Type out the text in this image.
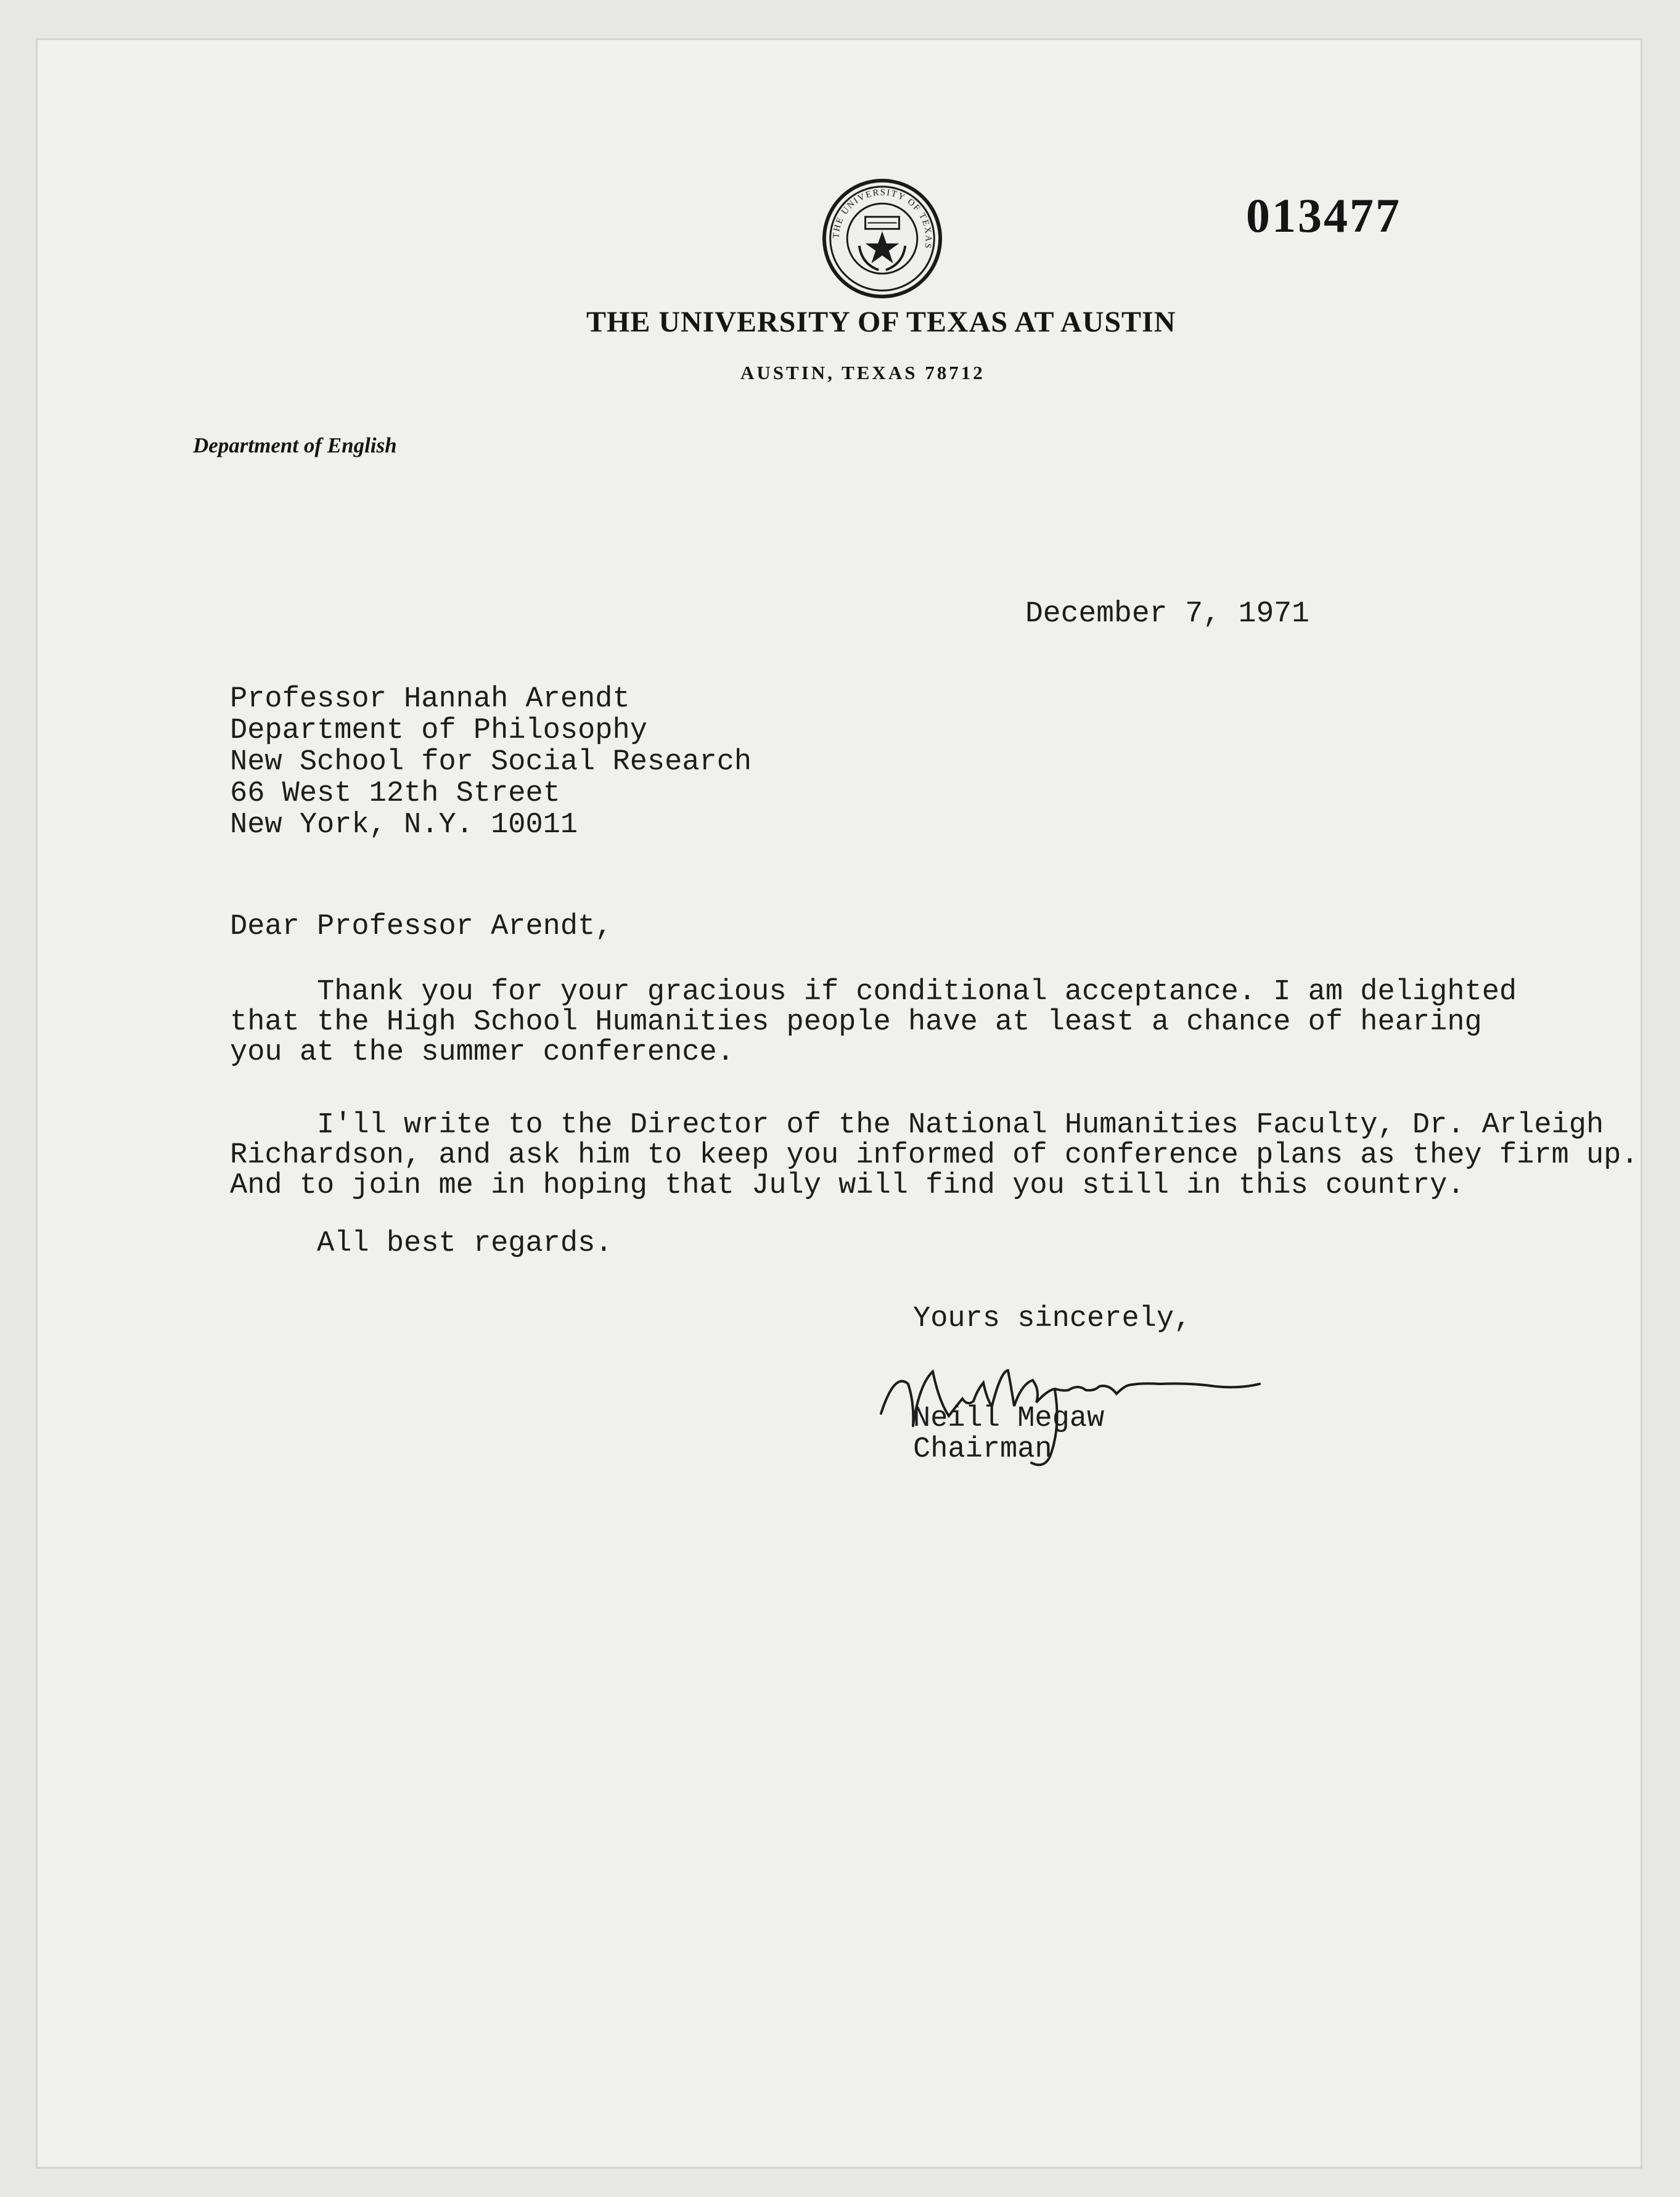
THE UNIVERSITY OF TEXAS
013477
THE UNIVERSITY OF TEXAS AT AUSTIN
AUSTIN, TEXAS 78712
Department of English
December 7, 1971
Professor Hannah Arendt
Department of Philosophy
New School for Social Research
66 West 12th Street
New York, N.Y. 10011
Dear Professor Arendt,
Thank you for your gracious if conditional acceptance. I am delighted
that the High School Humanities people have at least a chance of hearing
you at the summer conference.
I'll write to the Director of the National Humanities Faculty, Dr. Arleigh
Richardson, and ask him to keep you informed of conference plans as they firm up.
And to join me in hoping that July will find you still in this country.
All best regards.
Yours sincerely,
Neill Megaw
Chairman
